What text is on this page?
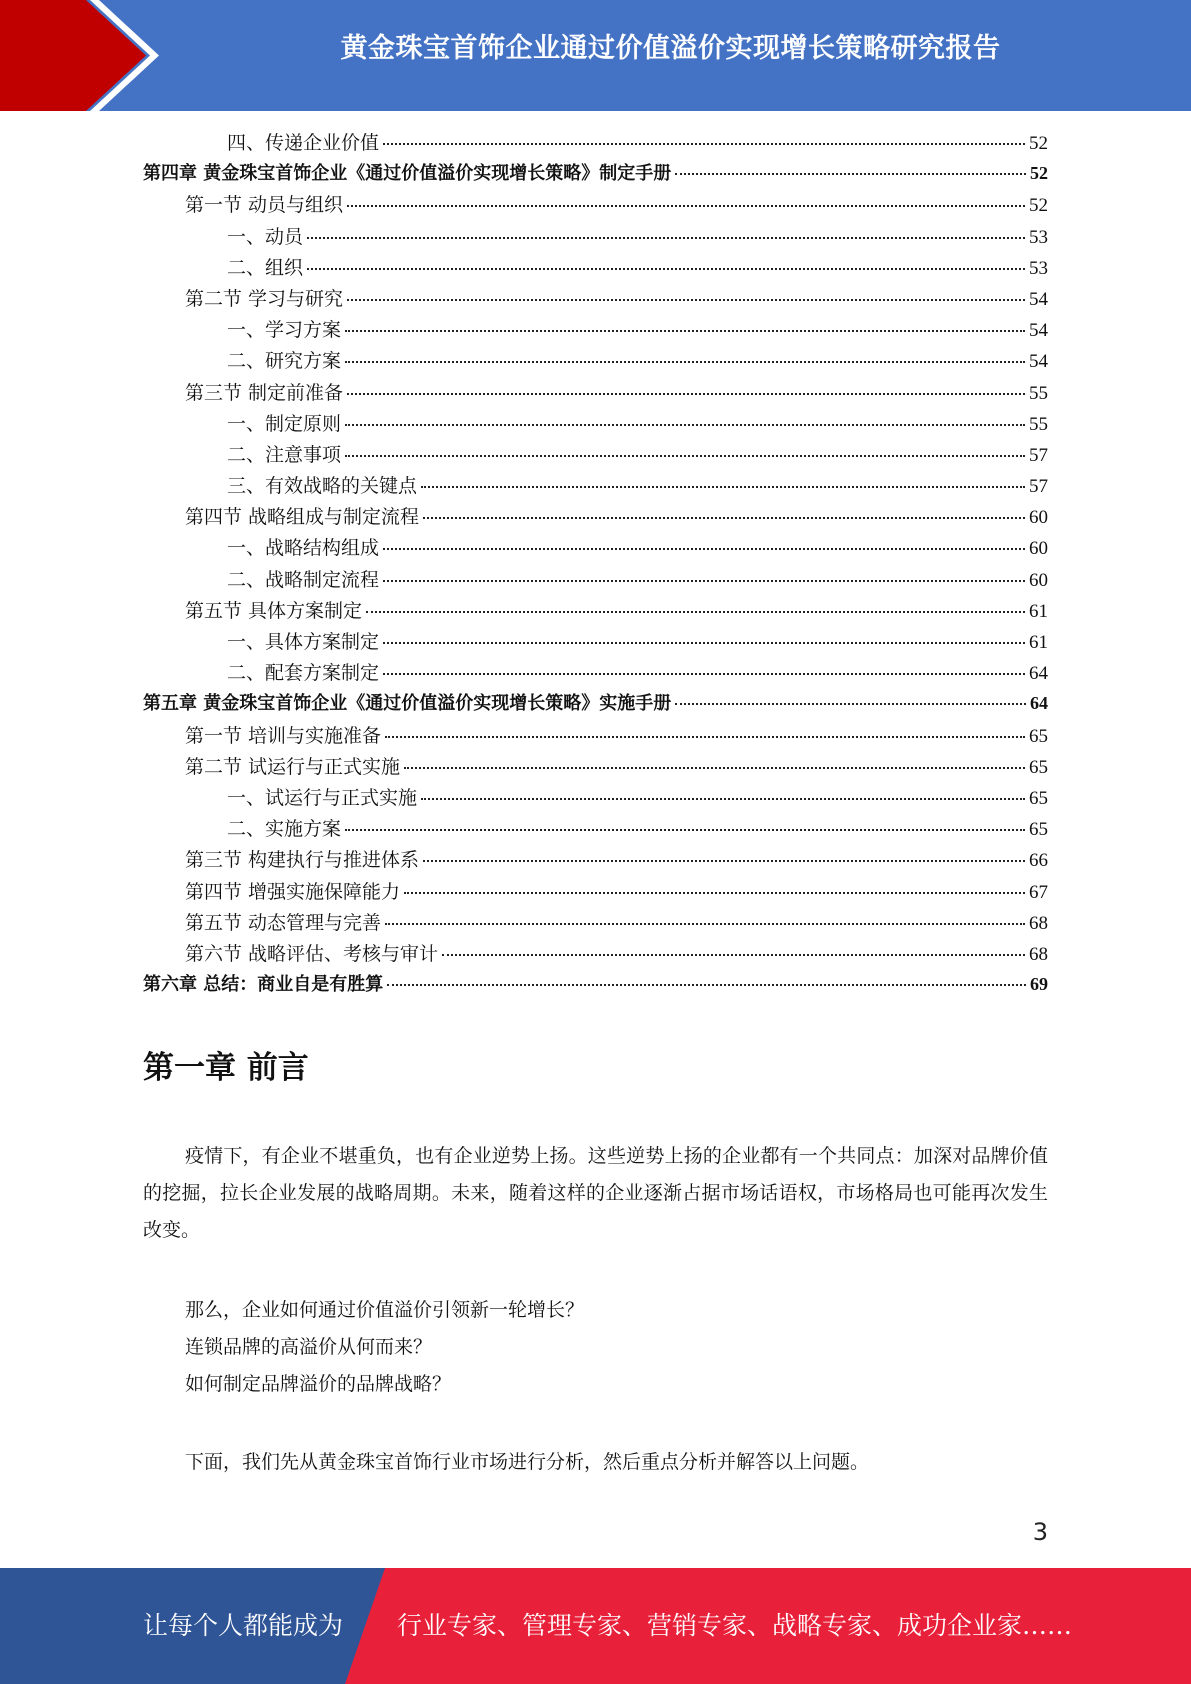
黄金珠宝首饰企业通过价值溢价实现增长策略研究报告
四、传递企业价值	52
第四章 黄金珠宝首饰企业《通过价值溢价实现增长策略》制定手册	52
第一节 动员与组织	52
一、动员	53
二、组织	53
第二节 学习与研究	54
一、学习方案	54
二、研究方案	54
第三节 制定前准备	55
一、制定原则	55
二、注意事项	57
三、有效战略的关键点	57
第四节 战略组成与制定流程	60
一、战略结构组成	60
二、战略制定流程	60
第五节 具体方案制定	61
一、具体方案制定	61
二、配套方案制定	64
第五章 黄金珠宝首饰企业《通过价值溢价实现增长策略》实施手册	64
第一节 培训与实施准备	65
第二节 试运行与正式实施	65
一、试运行与正式实施	65
二、实施方案	65
第三节 构建执行与推进体系	66
第四节 增强实施保障能力	67
第五节 动态管理与完善	68
第六节 战略评估、考核与审计	68
第六章 总结：商业自是有胜算	69
第一章 前言

疫情下，有企业不堪重负，也有企业逆势上扬。这些逆势上扬的企业都有一个共同点：加深对品牌价值的挖掘，拉长企业发展的战略周期。未来，随着这样的企业逐渐占据市场话语权，市场格局也可能再次发生改变。

那么，企业如何通过价值溢价引领新一轮增长？
连锁品牌的高溢价从何而来？
如何制定品牌溢价的品牌战略？

下面，我们先从黄金珠宝首饰行业市场进行分析，然后重点分析并解答以上问题。

3
让每个人都能成为 行业专家、管理专家、营销专家、战略专家、成功企业家……
